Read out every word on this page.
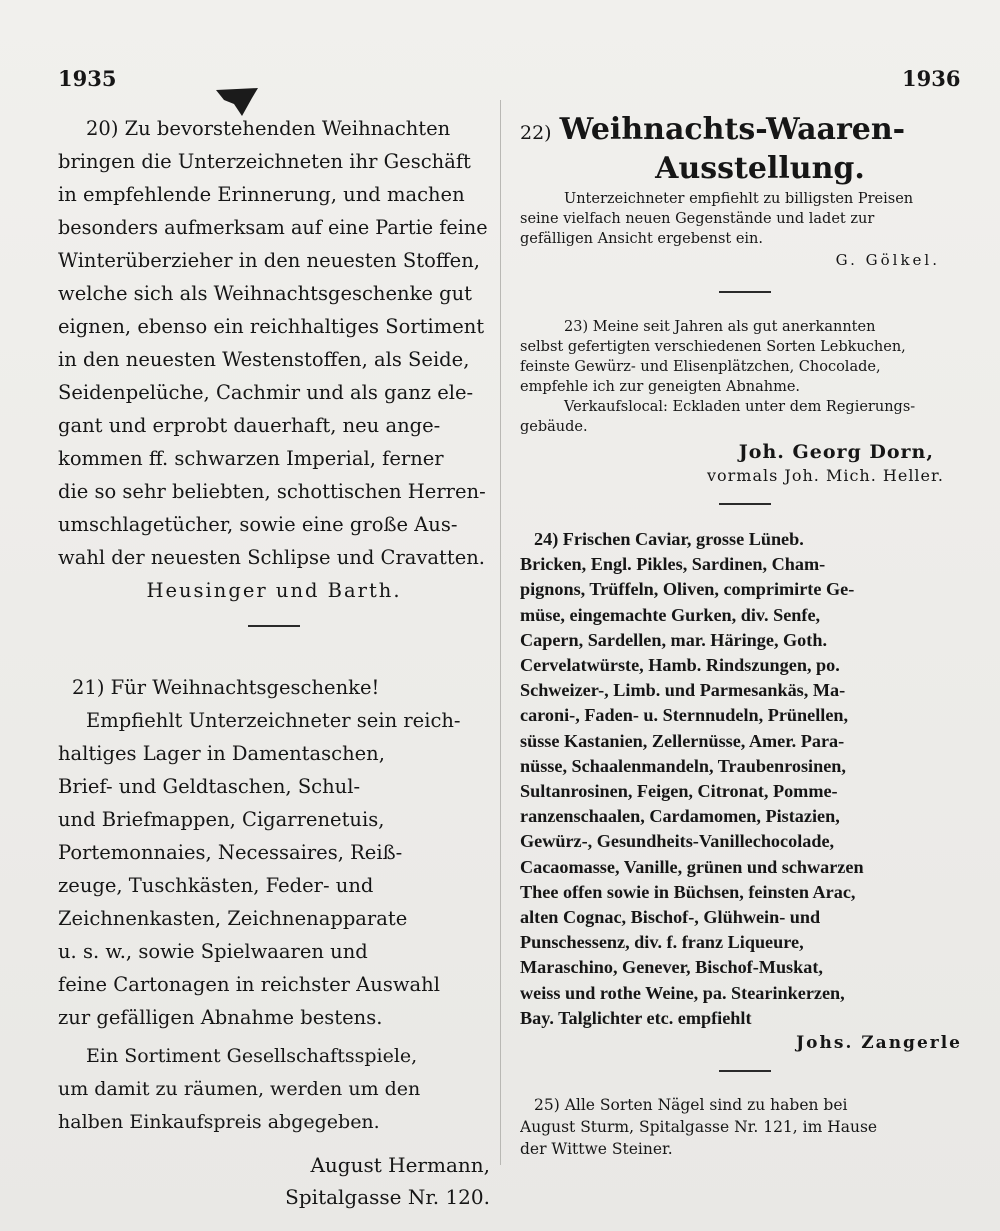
1935	1936
20) Zu bevorstehenden Weihnachten
bringen die Unterzeichneten ihr Geschäft
in empfehlende Erinnerung, und machen
besonders aufmerksam auf eine Partie feine
Winterüberzieher in den neuesten Stoffen,
welche sich als Weihnachtsgeschenke gut
eignen, ebenso ein reichhaltiges Sortiment
in den neuesten Westenstoffen, als Seide,
Seidenpelüche, Cachmir und als ganz ele-
gant und erprobt dauerhaft, neu ange-
kommen ff. schwarzen Imperial, ferner
die so sehr beliebten, schottischen Herren-
umschlagetücher, sowie eine große Aus-
wahl der neuesten Schlipse und Cravatten.
Heusinger und Barth.
21) Für Weihnachtsgeschenke!
Empfiehlt Unterzeichneter sein reich-
haltiges Lager in Damentaschen,
Brief- und Geldtaschen, Schul-
und Briefmappen, Cigarrenetuis,
Portemonnaies, Necessaires, Reiß-
zeuge, Tuschkästen, Feder- und
Zeichnenkasten, Zeichnenapparate
u. s. w., sowie Spielwaaren und
feine Cartonagen in reichster Auswahl
zur gefälligen Abnahme bestens.
Ein Sortiment Gesellschaftsspiele,
um damit zu räumen, werden um den
halben Einkaufspreis abgegeben.
August Hermann,
Spitalgasse Nr. 120.
22) Weihnachts-Waaren-
Ausstellung.
Unterzeichneter empfiehlt zu billigsten Preisen
seine vielfach neuen Gegenstände und ladet zur
gefälligen Ansicht ergebenst ein.
G. Gölkel.
23) Meine seit Jahren als gut anerkannten
selbst gefertigten verschiedenen Sorten Lebkuchen,
feinste Gewürz- und Elisenplätzchen, Chocolade,
empfehle ich zur geneigten Abnahme.
Verkaufslocal: Eckladen unter dem Regierungs-
gebäude.
Joh. Georg Dorn,
vormals Joh. Mich. Heller.
24) Frischen Caviar, grosse Lüneb.
Bricken, Engl. Pikles, Sardinen, Cham-
pignons, Trüffeln, Oliven, comprimirte Ge-
müse, eingemachte Gurken, div. Senfe,
Capern, Sardellen, mar. Häringe, Goth.
Cervelatwürste, Hamb. Rindszungen, po.
Schweizer-, Limb. und Parmesankäs, Ma-
caroni-, Faden- u. Sternnudeln, Prünellen,
süsse Kastanien, Zellernüsse, Amer. Para-
nüsse, Schaalenmandeln, Traubenrosinen,
Sultanrosinen, Feigen, Citronat, Pomme-
ranzenschaalen, Cardamomen, Pistazien,
Gewürz-, Gesundheits-Vanillechocolade,
Cacaomasse, Vanille, grünen und schwarzen
Thee offen sowie in Büchsen, feinsten Arac,
alten Cognac, Bischof-, Glühwein- und
Punschessenz, div. f. franz Liqueure,
Maraschino, Genever, Bischof-Muskat,
weiss und rothe Weine, pa. Stearinkerzen,
Bay. Talglichter etc. empfiehlt
Johs. Zangerle
25) Alle Sorten Nägel sind zu haben bei
August Sturm, Spitalgasse Nr. 121, im Hause
der Wittwe Steiner.
